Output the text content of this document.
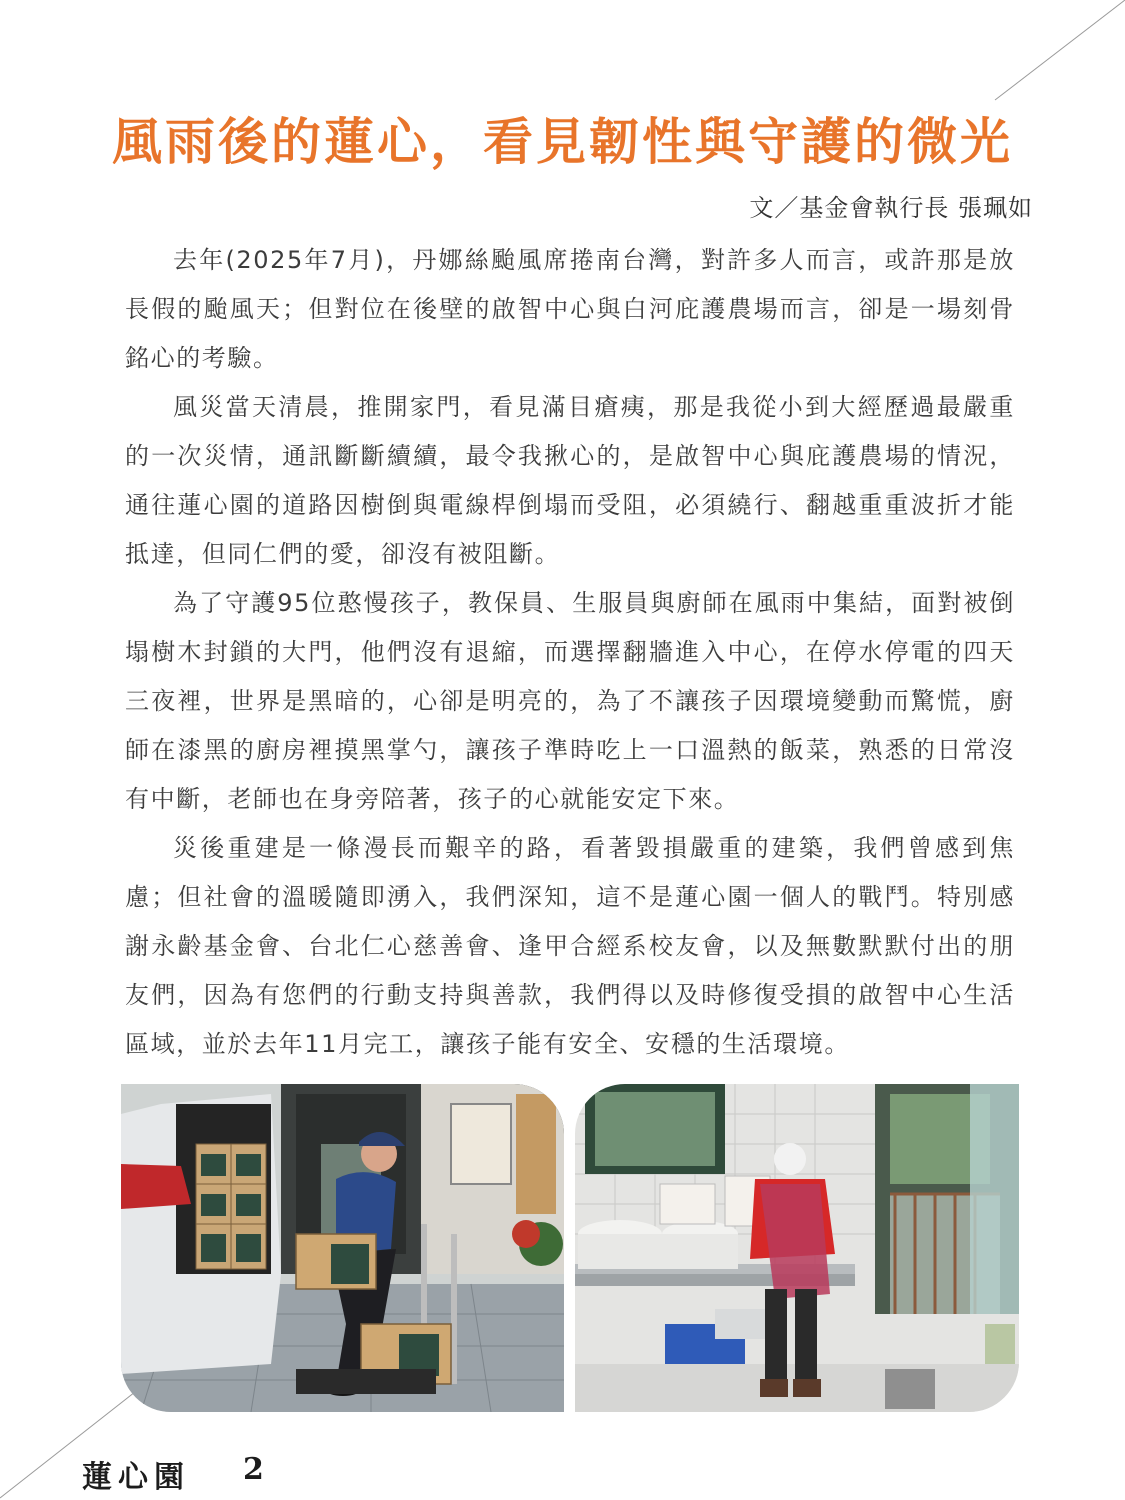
風雨後的蓮心，看見韌性與守護的微光
文／基金會執行長 張珮如

去年(2025年7月)，丹娜絲颱風席捲南台灣，對許多人而言，或許那是放長假的颱風天；但對位在後壁的啟智中心與白河庇護農場而言，卻是一場刻骨銘心的考驗。

風災當天清晨，推開家門，看見滿目瘡痍，那是我從小到大經歷過最嚴重的一次災情，通訊斷斷續續，最令我揪心的，是啟智中心與庇護農場的情況，通往蓮心園的道路因樹倒與電線桿倒塌而受阻，必須繞行、翻越重重波折才能抵達，但同仁們的愛，卻沒有被阻斷。

為了守護95位憨慢孩子，教保員、生服員與廚師在風雨中集結，面對被倒塌樹木封鎖的大門，他們沒有退縮，而選擇翻牆進入中心，在停水停電的四天三夜裡，世界是黑暗的，心卻是明亮的，為了不讓孩子因環境變動而驚慌，廚師在漆黑的廚房裡摸黑掌勺，讓孩子準時吃上一口溫熱的飯菜，熟悉的日常沒有中斷，老師也在身旁陪著，孩子的心就能安定下來。

災後重建是一條漫長而艱辛的路，看著毀損嚴重的建築，我們曾感到焦慮；但社會的溫暖隨即湧入，我們深知，這不是蓮心園一個人的戰鬥。特別感謝永齡基金會、台北仁心慈善會、逢甲合經系校友會，以及無數默默付出的朋友們，因為有您們的行動支持與善款，我們得以及時修復受損的啟智中心生活區域，並於去年11月完工，讓孩子能有安全、安穩的生活環境。

蓮心園 2
